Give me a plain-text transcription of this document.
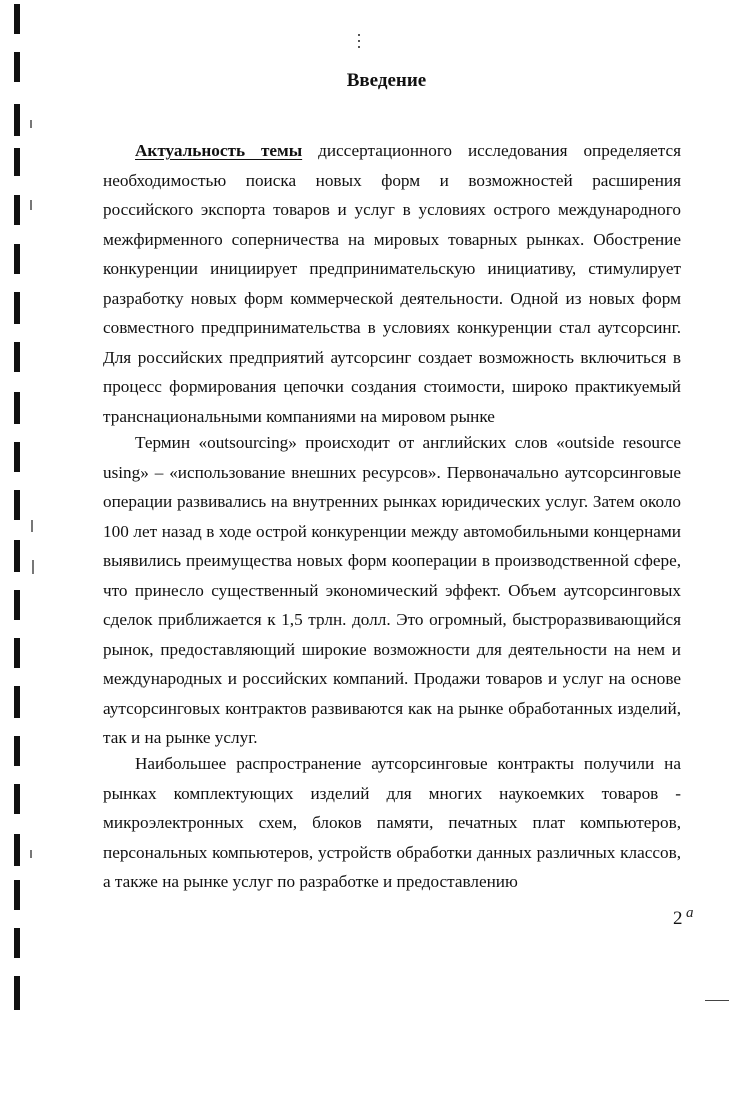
Введение
Актуальность темы диссертационного исследования определяется необходимостью поиска новых форм и возможностей расширения российского экспорта товаров и услуг в условиях острого международного межфирменного соперничества на мировых товарных рынках. Обострение конкуренции инициирует предпринимательскую инициативу, стимулирует разработку новых форм коммерческой деятельности. Одной из новых форм совместного предпринимательства в условиях конкуренции стал аутсорсинг. Для российских предприятий аутсорсинг создает возможность включиться в процесс формирования цепочки создания стоимости, широко практикуемый транснациональными компаниями на мировом рынке
Термин «outsourcing» происходит от английских слов «outside resource using» – «использование внешних ресурсов». Первоначально аутсорсинговые операции развивались на внутренних рынках юридических услуг. Затем около 100 лет назад в ходе острой конкуренции между автомобильными концернами выявились преимущества новых форм кооперации в производственной сфере, что принесло существенный экономический эффект. Объем аутсорсинговых сделок приближается к 1,5 трлн. долл. Это огромный, быстроразвивающийся рынок, предоставляющий широкие возможности для деятельности на нем и международных и российских компаний. Продажи товаров и услуг на основе аутсорсинговых контрактов развиваются как на рынке обработанных изделий, так и на рынке услуг.
Наибольшее распространение аутсорсинговые контракты получили на рынках комплектующих изделий для многих наукоемких товаров - микроэлектронных схем, блоков памяти, печатных плат компьютеров, персональных компьютеров, устройств обработки данных различных классов, а также на рынке услуг по разработке и предоставлению
2 а
